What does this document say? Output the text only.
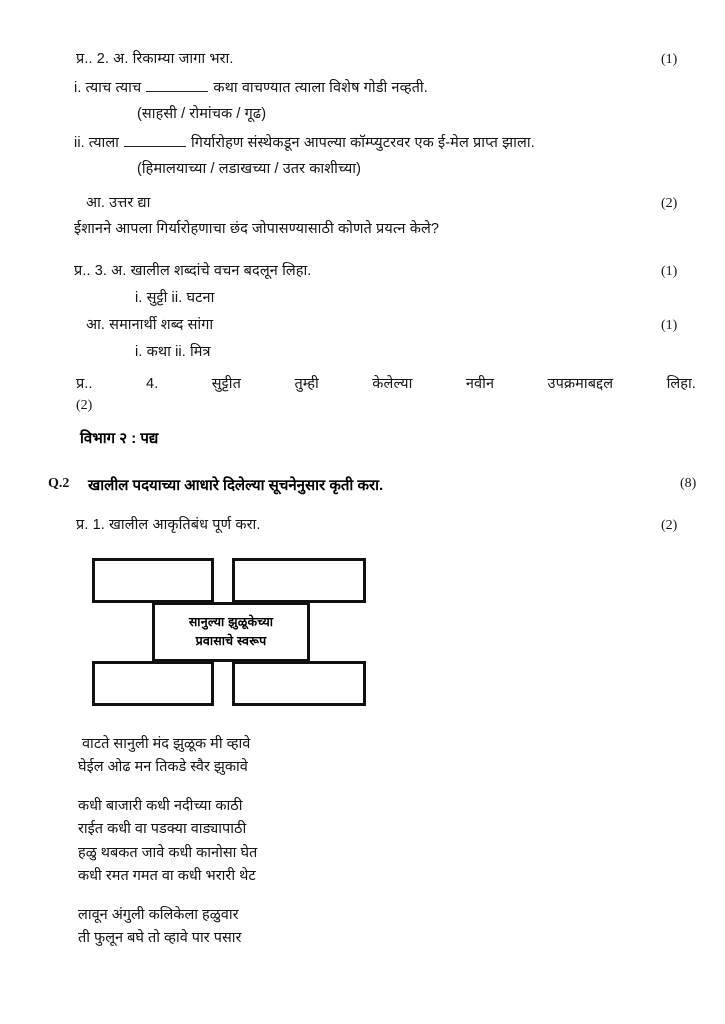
प्र.. 2. अ. रिकाम्या जागा भरा.	(1)
i. त्याच त्याच	कथा वाचण्यात त्याला विशेष गोडी नव्हती.
(साहसी / रोमांचक / गूढ)
ii. त्याला	गिर्यारोहण संस्थेकडून आपल्या कॉम्प्युटरवर एक ई-मेल प्राप्त झाला.
(हिमालयाच्या / लडाखच्या / उतर काशीच्या)
आ. उत्तर द्या	(2)
ईशानने आपला गिर्यारोहणाचा छंद जोपासण्यासाठी कोणते प्रयत्न केले?
प्र.. 3. अ. खालील शब्दांचे वचन बदलून लिहा.	(1)
i. सुट्टी ii. घटना
आ. समानार्थी शब्द सांगा	(1)
i. कथा ii. मित्र
प्र..	4.	सुट्टीत	तुम्ही	केलेल्या	नवीन	उपक्रमाबद्दल	लिहा.
(2)
विभाग २ : पद्य
Q.2 खालील पदयाच्या आधारे दिलेल्या सूचनेनुसार कृती करा.	(8)
प्र. 1. खालील आकृतिबंध पूर्ण करा.	(2)
सानुल्या झुळूकेच्या
प्रवासाचे स्वरूप
वाटते सानुली मंद झुळूक मी व्हावे
घेईल ओढ मन तिकडे स्वैर झुकावे
कधी बाजारी कधी नदीच्या काठी
राईत कधी वा पडक्या वाड्यापाठी
हळु थबकत जावे कधी कानोसा घेत
कधी रमत गमत वा कधी भरारी थेट
लावून अंगुली कलिकेला हळुवार
ती फुलून बघे तो व्हावे पार पसार
